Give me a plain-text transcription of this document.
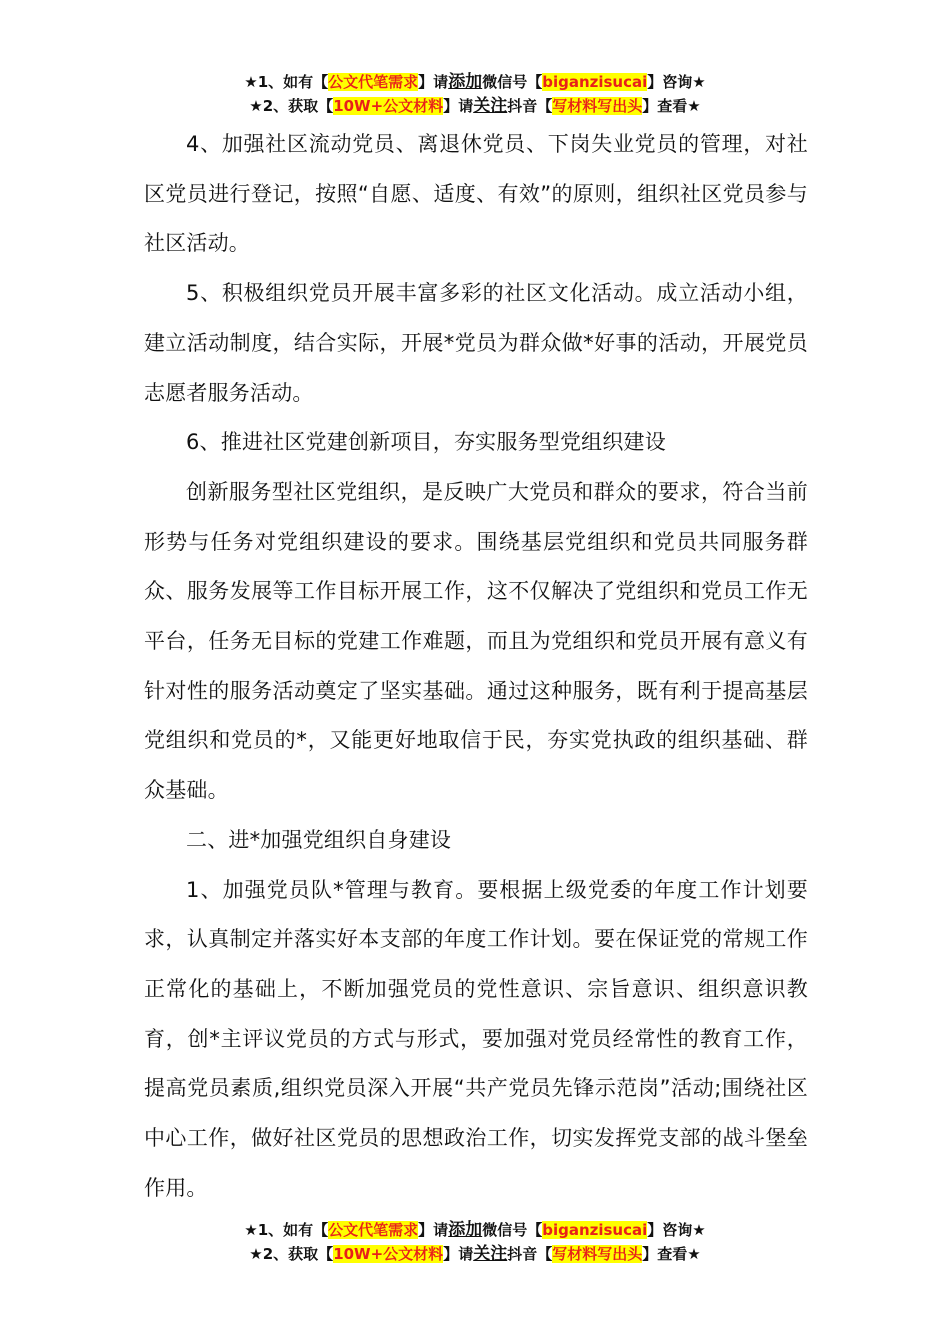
★1、如有【公文代笔需求】请添加微信号【biganzisucai】咨询★
★2、获取【10W+公文材料】请关注抖音【写材料写出头】查看★

4、加强社区流动党员、离退休党员、下岗失业党员的管理，对社区党员进行登记，按照“自愿、适度、有效”的原则，组织社区党员参与社区活动。

5、积极组织党员开展丰富多彩的社区文化活动。成立活动小组，建立活动制度，结合实际，开展*党员为群众做*好事的活动，开展党员志愿者服务活动。

6、推进社区党建创新项目，夯实服务型党组织建设

创新服务型社区党组织，是反映广大党员和群众的要求，符合当前形势与任务对党组织建设的要求。围绕基层党组织和党员共同服务群众、服务发展等工作目标开展工作，这不仅解决了党组织和党员工作无平台，任务无目标的党建工作难题，而且为党组织和党员开展有意义有针对性的服务活动奠定了坚实基础。通过这种服务，既有利于提高基层党组织和党员的*，又能更好地取信于民，夯实党执政的组织基础、群众基础。

二、进*加强党组织自身建设

1、加强党员队*管理与教育。要根据上级党委的年度工作计划要求，认真制定并落实好本支部的年度工作计划。要在保证党的常规工作正常化的基础上，不断加强党员的党性意识、宗旨意识、组织意识教育，创*主评议党员的方式与形式，要加强对党员经常性的教育工作，提高党员素质,组织党员深入开展“共产党员先锋示范岗”活动;围绕社区中心工作，做好社区党员的思想政治工作，切实发挥党支部的战斗堡垒作用。

★1、如有【公文代笔需求】请添加微信号【biganzisucai】咨询★
★2、获取【10W+公文材料】请关注抖音【写材料写出头】查看★
